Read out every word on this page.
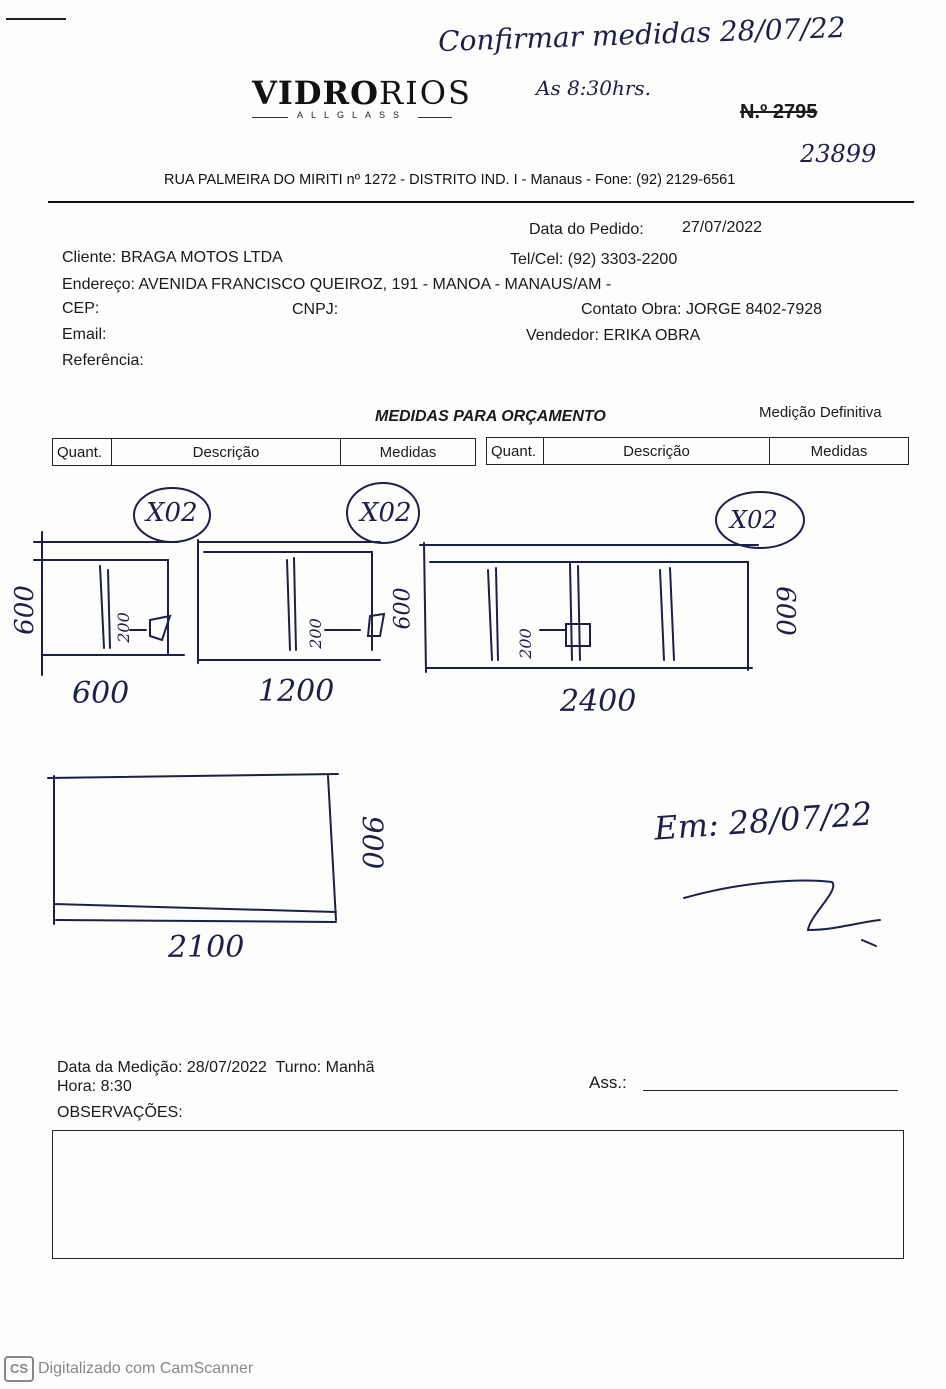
VIDRORIOS
ALLGLASS
Confirmar medidas 28/07/22
As 8:30hrs.
N.º 2795
23899
RUA PALMEIRA DO MIRITI nº 1272 - DISTRITO IND. I - Manaus - Fone: (92) 2129-6561
Data do Pedido: 27/07/2022
Cliente: BRAGA MOTOS LTDA	Tel/Cel: (92) 3303-2200
Endereço: AVENIDA FRANCISCO QUEIROZ, 191 - MANOA - MANAUS/AM -
CEP:	CNPJ:	Contato Obra: JORGE 8402-7928
Email:	Vendedor: ERIKA OBRA
Referência:
MEDIDAS PARA ORÇAMENTO	Medição Definitiva
Quant.	Descrição	Medidas	Quant.	Descrição	Medidas
X02
600	200
600
X02
200
600
1200
X02
200
600
2400
900
2100
Em: 28/07/22
Data da Medição: 28/07/2022  Turno: Manhã
Hora: 8:30	Ass.:
OBSERVAÇÕES:
CS Digitalizado com CamScanner
